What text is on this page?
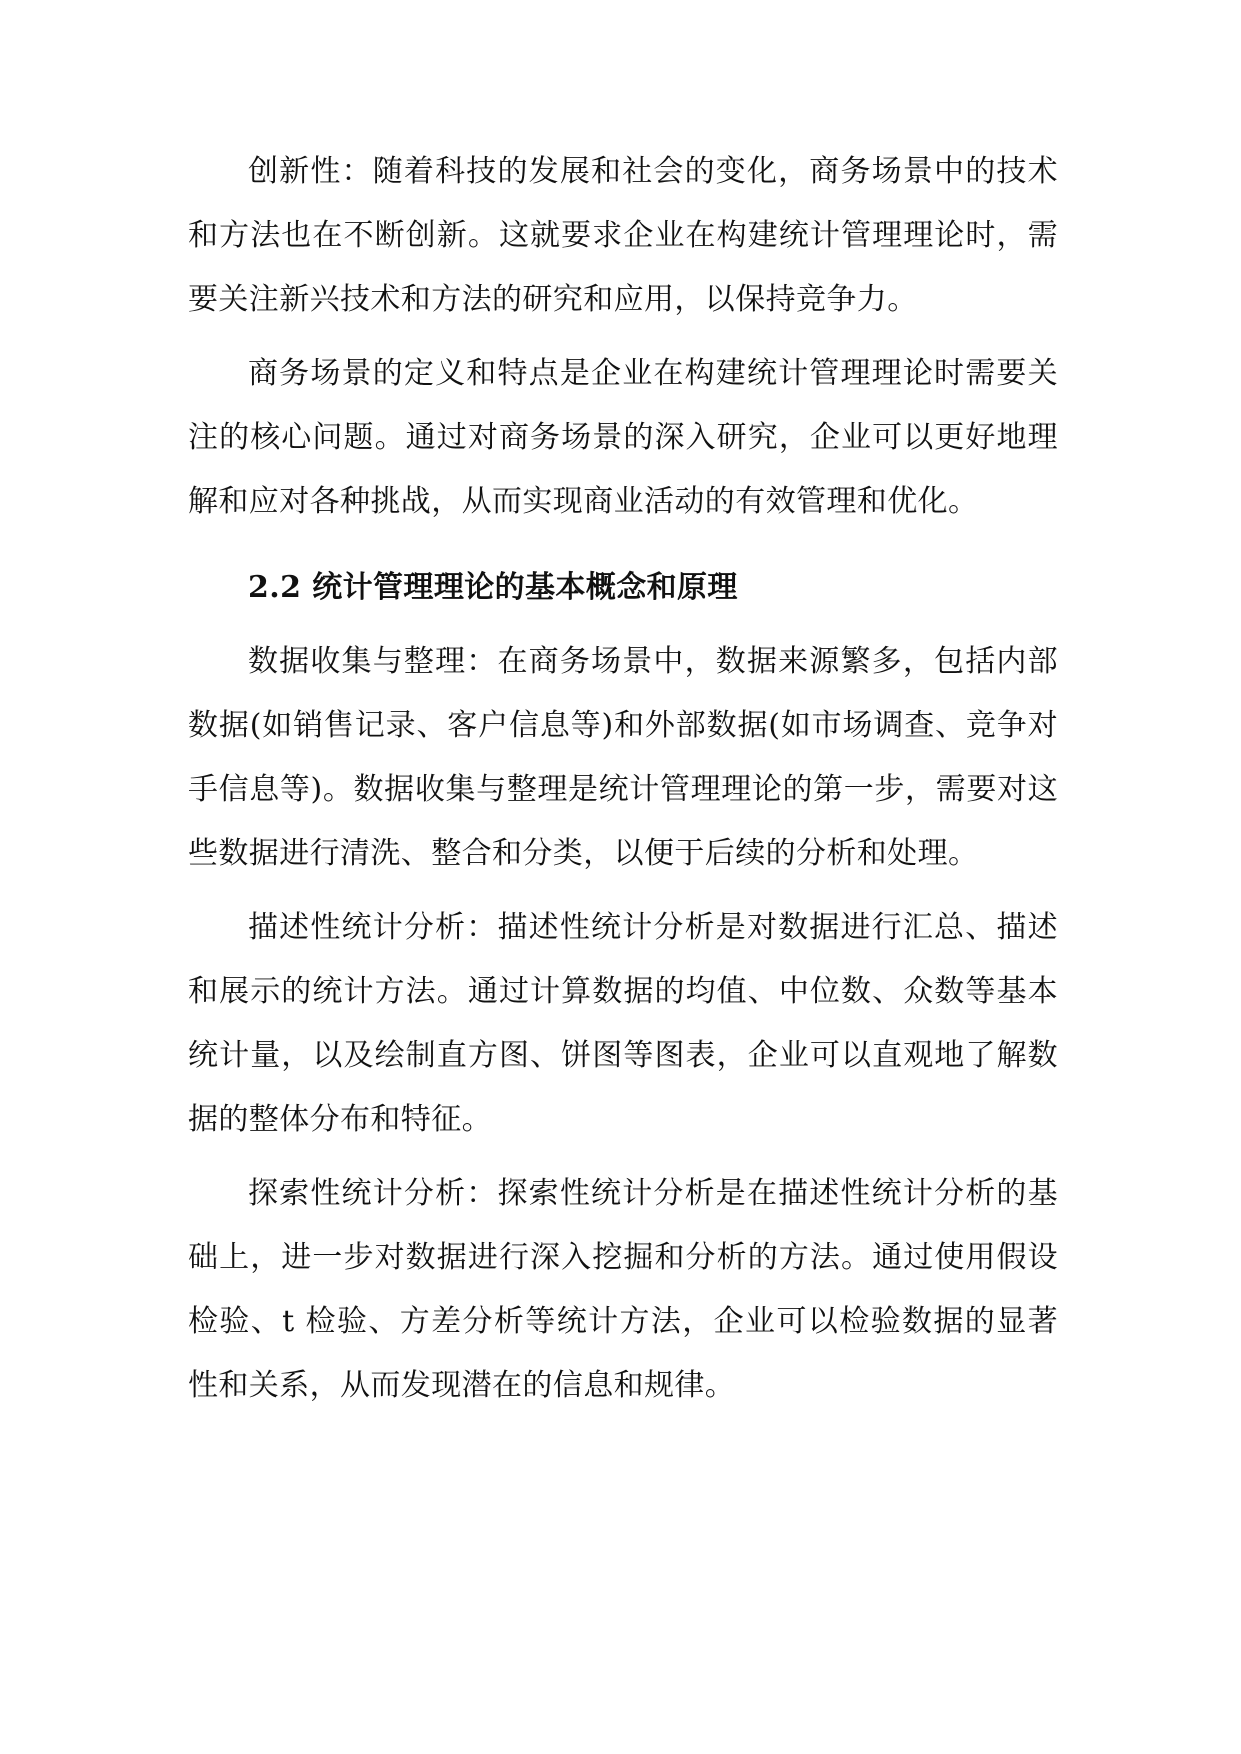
创新性：随着科技的发展和社会的变化，商务场景中的技术和方法也在不断创新。这就要求企业在构建统计管理理论时，需要关注新兴技术和方法的研究和应用，以保持竞争力。

商务场景的定义和特点是企业在构建统计管理理论时需要关注的核心问题。通过对商务场景的深入研究，企业可以更好地理解和应对各种挑战，从而实现商业活动的有效管理和优化。

2.2 统计管理理论的基本概念和原理

数据收集与整理：在商务场景中，数据来源繁多，包括内部数据(如销售记录、客户信息等)和外部数据(如市场调查、竞争对手信息等)。数据收集与整理是统计管理理论的第一步，需要对这些数据进行清洗、整合和分类，以便于后续的分析和处理。

描述性统计分析：描述性统计分析是对数据进行汇总、描述和展示的统计方法。通过计算数据的均值、中位数、众数等基本统计量，以及绘制直方图、饼图等图表，企业可以直观地了解数据的整体分布和特征。

探索性统计分析：探索性统计分析是在描述性统计分析的基础上，进一步对数据进行深入挖掘和分析的方法。通过使用假设检验、t 检验、方差分析等统计方法，企业可以检验数据的显著性和关系，从而发现潜在的信息和规律。
